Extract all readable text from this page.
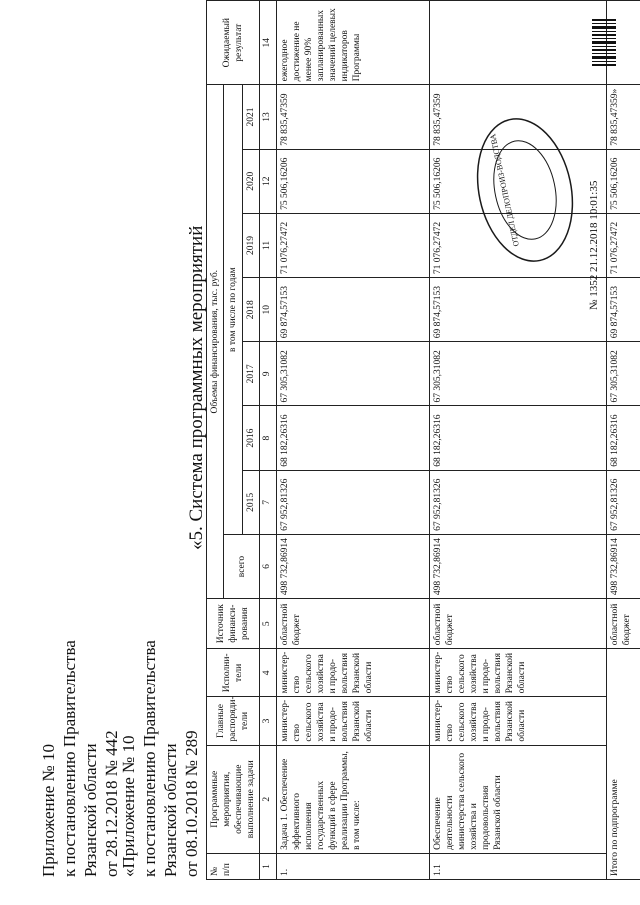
Приложение № 10 к постановлению Правительства Рязанской области от 28.12.2018 № 442
«Приложение № 10 к постановлению Правительства Рязанской области от 08.10.2018 № 289
«5. Система программных мероприятий
№ п/п	Программные мероприятия, обеспечивающие выполнение задачи	Главные распоряди-тели	Исполни-тели	Источник финанси-рования	Объемы финансирования, тыс. руб.								Ожидаемый результат
					всего	в том числе по годам							
						2015	2016	2017	2018	2019	2020	2021	
1	2	3	4	5	6	7	8	9	10	11	12	13	14
1.	Задача 1. Обеспечение эффективного исполнения государственных функций в сфере реализации Программы, в том числе:	министер-ство сельского хозяйства и продо-вольствия Рязанской области	министер-ство сельского хозяйства и продо-вольствия Рязанской области	областной бюджет	498 732,86914	67 952,81326	68 182,26316	67 305,31082	69 874,57153	71 076,27472	75 506,16206	78 835,47359	ежегодное достижение не менее 90% запланированных значений целевых индикаторов Программы
1.1	Обеспечение деятельности министерства сельского хозяйства и продовольствия Рязанской области	министер-ство сельского хозяйства и продо-вольствия Рязанской области	министер-ство сельского хозяйства и продо-вольствия Рязанской области	областной бюджет	498 732,86914	67 952,81326	68 182,26316	67 305,31082	69 874,57153	71 076,27472	75 506,16206	78 835,47359	
Итого по подпрограмме				областной бюджет	498 732,86914	67 952,81326	68 182,26316	67 305,31082	69 874,57153	71 076,27472	75 506,16206	78 835,47359»	
ОТДЕЛ ДЕЛОПРОИЗ-ВОДСТВА	№ 1352 21.12.2018 10:01:35
